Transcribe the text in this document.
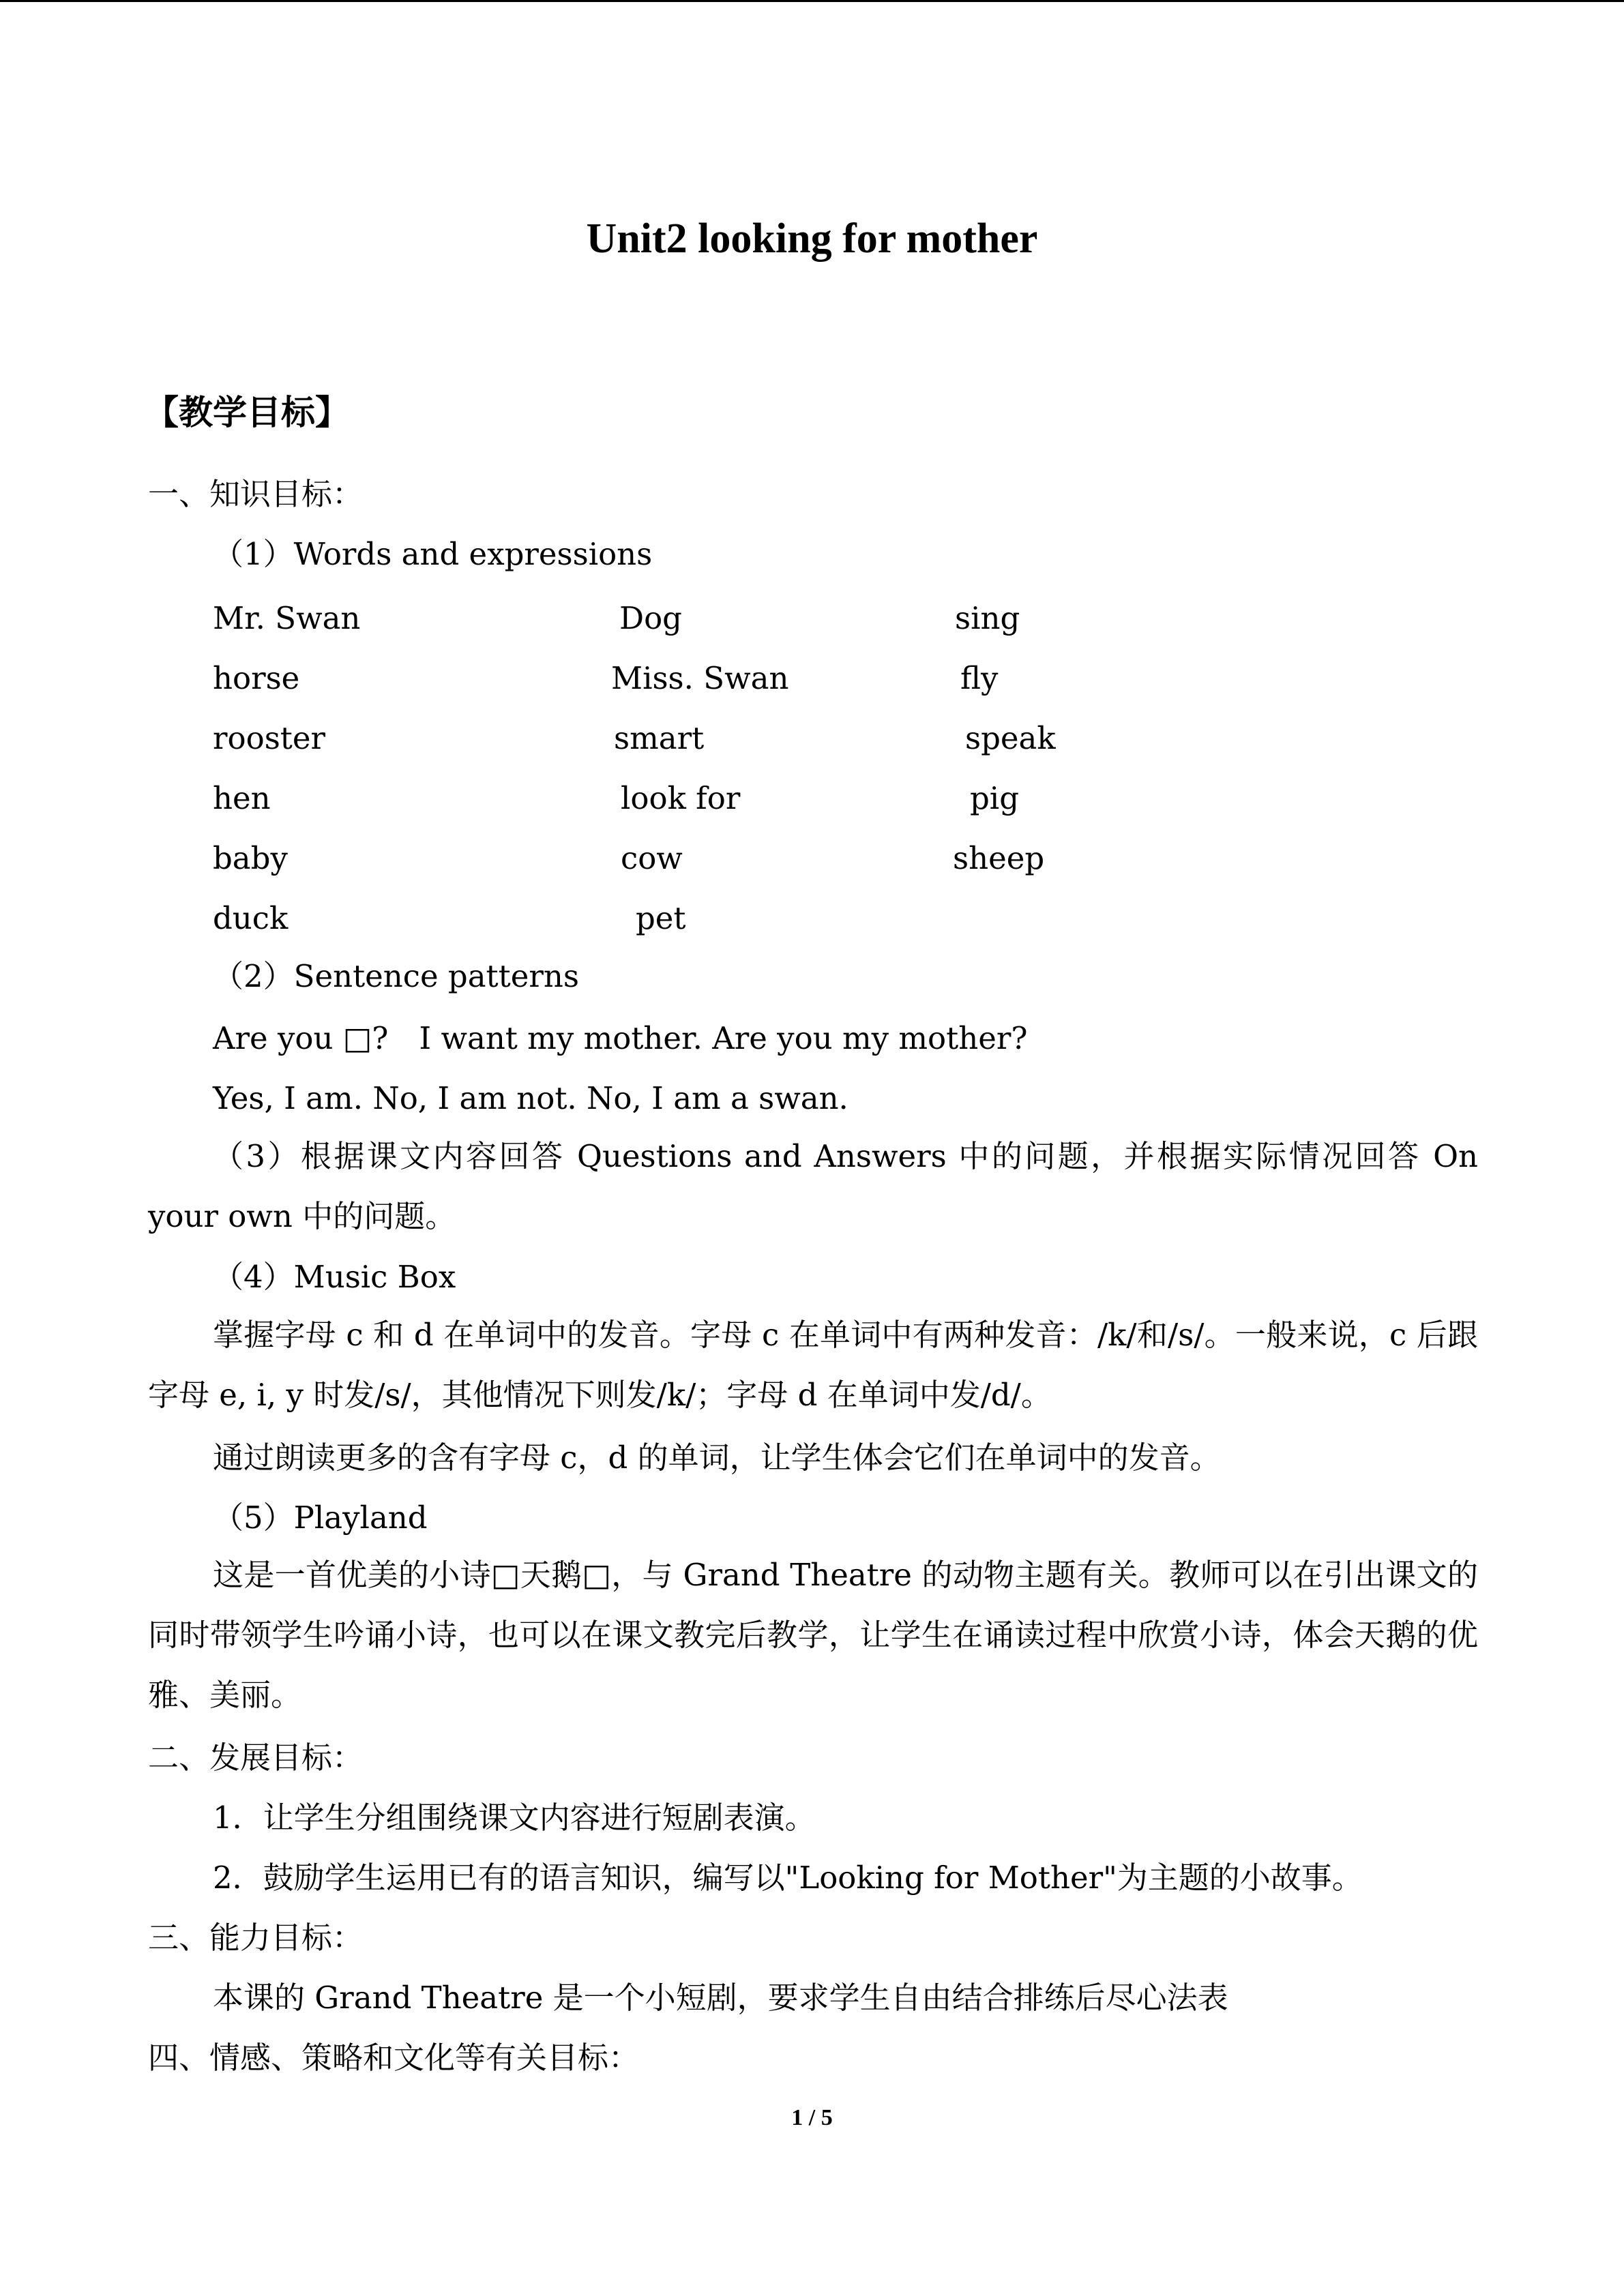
Unit2 looking for mother
【教学目标】
一、知识目标：
（1）Words and expressions
Mr. Swan	Dog	sing
horse	Miss. Swan	fly
rooster	smart	speak
hen	look for	pig
baby	cow	sheep
duck	pet
（2）Sentence patterns
Are you □?　I want my mother. Are you my mother?
Yes, I am. No, I am not. No, I am a swan.
（3）根据课文内容回答 Questions and Answers 中的问题，并根据实际情况回答 On your own 中的问题。
（4）Music Box
掌握字母 c 和 d 在单词中的发音。字母 c 在单词中有两种发音：/k/和/s/。一般来说，c 后跟字母 e, i, y 时发/s/，其他情况下则发/k/；字母 d 在单词中发/d/。
通过朗读更多的含有字母 c，d 的单词，让学生体会它们在单词中的发音。
（5）Playland
这是一首优美的小诗□天鹅□，与 Grand Theatre 的动物主题有关。教师可以在引出课文的同时带领学生吟诵小诗，也可以在课文教完后教学，让学生在诵读过程中欣赏小诗，体会天鹅的优雅、美丽。
二、发展目标：
1．让学生分组围绕课文内容进行短剧表演。
2．鼓励学生运用已有的语言知识，编写以"Looking for Mother"为主题的小故事。
三、能力目标：
本课的 Grand Theatre 是一个小短剧，要求学生自由结合排练后尽心法表
四、情感、策略和文化等有关目标：
1 / 5
